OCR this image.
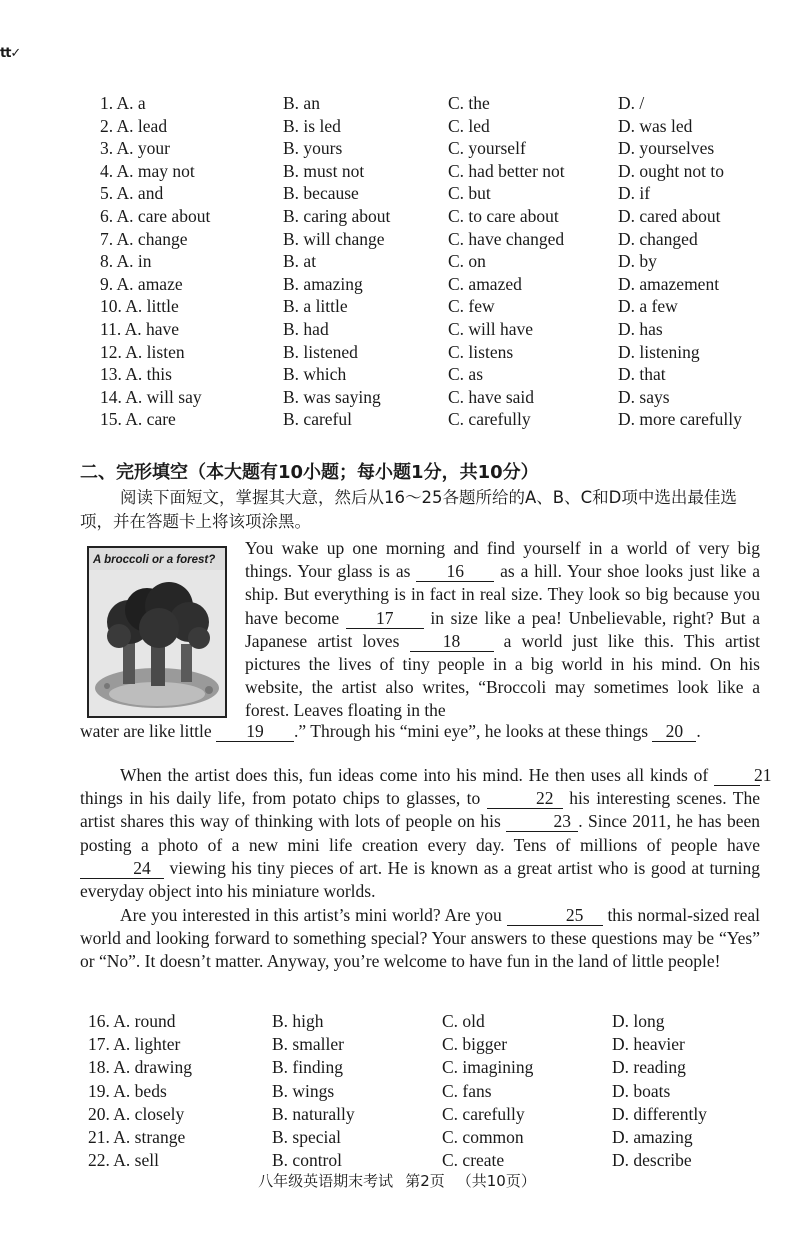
tt✓
1. A. a	B. an	C. the	D. /
2. A. lead	B. is led	C. led	D. was led
3. A. your	B. yours	C. yourself	D. yourselves
4. A. may not	B. must not	C. had better not	D. ought not to
5. A. and	B. because	C. but	D. if
6. A. care about	B. caring about	C. to care about	D. cared about
7. A. change	B. will change	C. have changed	D. changed
8. A. in	B. at	C. on	D. by
9. A. amaze	B. amazing	C. amazed	D. amazement
10. A. little	B. a little	C. few	D. a few
11. A. have	B. had	C. will have	D. has
12. A. listen	B. listened	C. listens	D. listening
13. A. this	B. which	C. as	D. that
14. A. will say	B. was saying	C. have said	D. says
15. A. care	B. careful	C. carefully	D. more carefully
二、完形填空（本大题有10小题；每小题1分，共10分）
阅读下面短文，掌握其大意，然后从16～25各题所给的A、B、C和D项中选出最佳选项，并在答题卡上将该项涂黑。
A broccoli or a forest?
You wake up one morning and find yourself in a world of very big things. Your glass is as 16 as a hill. Your shoe looks just like a ship. But everything is in fact in real size. They look so big because you have become 17 in size like a pea! Unbelievable, right? But a Japanese artist loves 18 a world just like this. This artist pictures the lives of tiny people in a big world in his mind. On his website, the artist also writes, “Broccoli may sometimes look like a forest. Leaves floating in the
water are like little 19 .” Through his “mini eye”, he looks at these things 20 .
When the artist does this, fun ideas come into his mind. He then uses all kinds of 21 things in his daily life, from potato chips to glasses, to	22 his interesting scenes. The artist shares this way of thinking with lots of people on his	23 . Since 2011, he has been posting a photo of a new mini life creation every day. Tens of millions of people have 24 viewing his tiny pieces of art. He is known as a great artist who is good at turning everyday object into his miniature worlds.
Are you interested in this artist’s mini world? Are you	25 this normal-sized real world and looking forward to something special? Your answers to these questions may be “Yes” or “No”. It doesn’t matter. Anyway, you’re welcome to have fun in the land of little people!
16. A. round	B. high	C. old	D. long
17. A. lighter	B. smaller	C. bigger	D. heavier
18. A. drawing	B. finding	C. imagining	D. reading
19. A. beds	B. wings	C. fans	D. boats
20. A. closely	B. naturally	C. carefully	D. differently
21. A. strange	B. special	C. common	D. amazing
22. A. sell	B. control	C. create	D. describe
八年级英语期末考试 第2页 （共10页）
